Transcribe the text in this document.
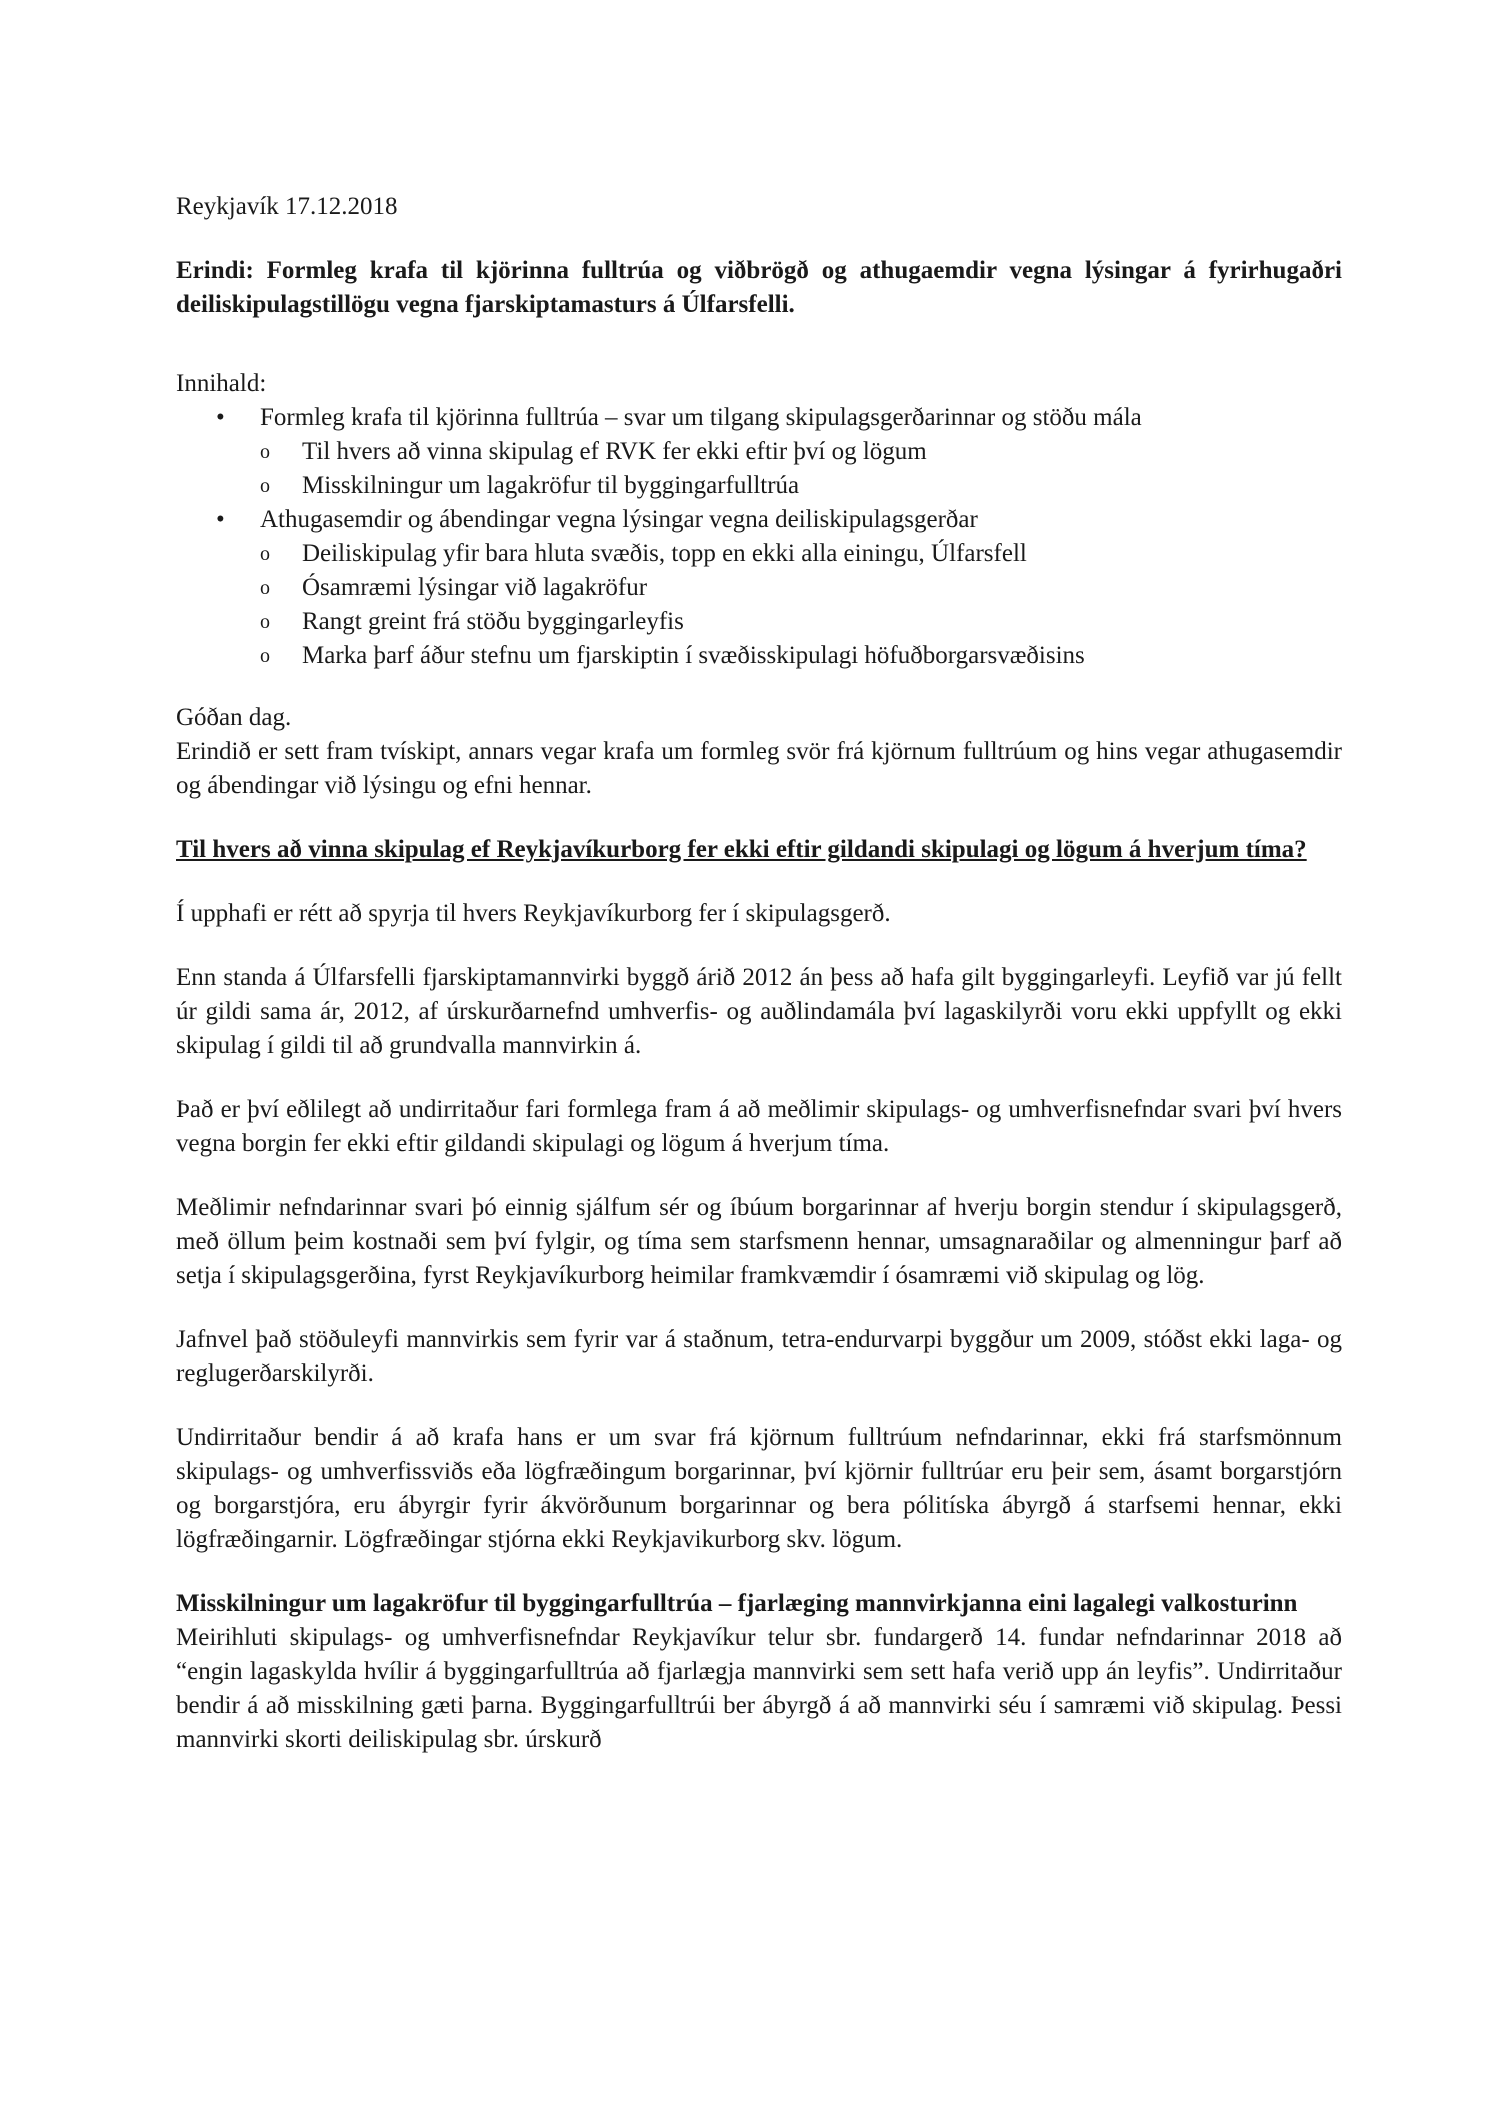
Reykjavík 17.12.2018
Erindi: Formleg krafa til kjörinna fulltrúa og viðbrögð og athugaemdir vegna lýsingar á fyrirhugaðri deiliskipulagstillögu vegna fjarskiptamasturs á Úlfarsfelli.
Innihald:
• Formleg krafa til kjörinna fulltrúa – svar um tilgang skipulagsgerðarinnar og stöðu mála
o Til hvers að vinna skipulag ef RVK fer ekki eftir því og lögum
o Misskilningur um lagakröfur til byggingarfulltrúa
• Athugasemdir og ábendingar vegna lýsingar vegna deiliskipulagsgerðar
o Deiliskipulag yfir bara hluta svæðis, topp en ekki alla einingu, Úlfarsfell
o Ósamræmi lýsingar við lagakröfur
o Rangt greint frá stöðu byggingarleyfis
o Marka þarf áður stefnu um fjarskiptin í svæðisskipulagi höfuðborgarsvæðisins

Góðan dag.

Erindið er sett fram tvískipt, annars vegar krafa um formleg svör frá kjörnum fulltrúum og hins vegar athugasemdir og ábendingar við lýsingu og efni hennar.

Til hvers að vinna skipulag ef Reykjavíkurborg fer ekki eftir gildandi skipulagi og lögum á hverjum tíma?

Í upphafi er rétt að spyrja til hvers Reykjavíkurborg fer í skipulagsgerð.

Enn standa á Úlfarsfelli fjarskiptamannvirki byggð árið 2012 án þess að hafa gilt byggingarleyfi. Leyfið var jú fellt úr gildi sama ár, 2012, af úrskurðarnefnd umhverfis- og auðlindamála því lagaskilyrði voru ekki uppfyllt og ekki skipulag í gildi til að grundvalla mannvirkin á.

Það er því eðlilegt að undirritaður fari formlega fram á að meðlimir skipulags- og umhverfisnefndar svari því hvers vegna borgin fer ekki eftir gildandi skipulagi og lögum á hverjum tíma.

Meðlimir nefndarinnar svari þó einnig sjálfum sér og íbúum borgarinnar af hverju borgin stendur í skipulagsgerð, með öllum þeim kostnaði sem því fylgir, og tíma sem starfsmenn hennar, umsagnaraðilar og almenningur þarf að setja í skipulagsgerðina, fyrst Reykjavíkurborg heimilar framkvæmdir í ósamræmi við skipulag og lög.

Jafnvel það stöðuleyfi mannvirkis sem fyrir var á staðnum, tetra-endurvarpi byggður um 2009, stóðst ekki laga- og reglugerðarskilyrði.

Undirritaður bendir á að krafa hans er um svar frá kjörnum fulltrúum nefndarinnar, ekki frá starfsmönnum skipulags- og umhverfissviðs eða lögfræðingum borgarinnar, því kjörnir fulltrúar eru þeir sem, ásamt borgarstjórn og borgarstjóra, eru ábyrgir fyrir ákvörðunum borgarinnar og bera pólitíska ábyrgð á starfsemi hennar, ekki lögfræðingarnir. Lögfræðingar stjórna ekki Reykjavikurborg skv. lögum.

Misskilningur um lagakröfur til byggingarfulltrúa – fjarlæging mannvirkjanna eini lagalegi valkosturinn

Meirihluti skipulags- og umhverfisnefndar Reykjavíkur telur sbr. fundargerð 14. fundar nefndarinnar 2018 að “engin lagaskylda hvílir á byggingarfulltrúa að fjarlægja mannvirki sem sett hafa verið upp án leyfis”. Undirritaður bendir á að misskilning gæti þarna. Byggingarfulltrúi ber ábyrgð á að mannvirki séu í samræmi við skipulag. Þessi mannvirki skorti deiliskipulag sbr. úrskurð
